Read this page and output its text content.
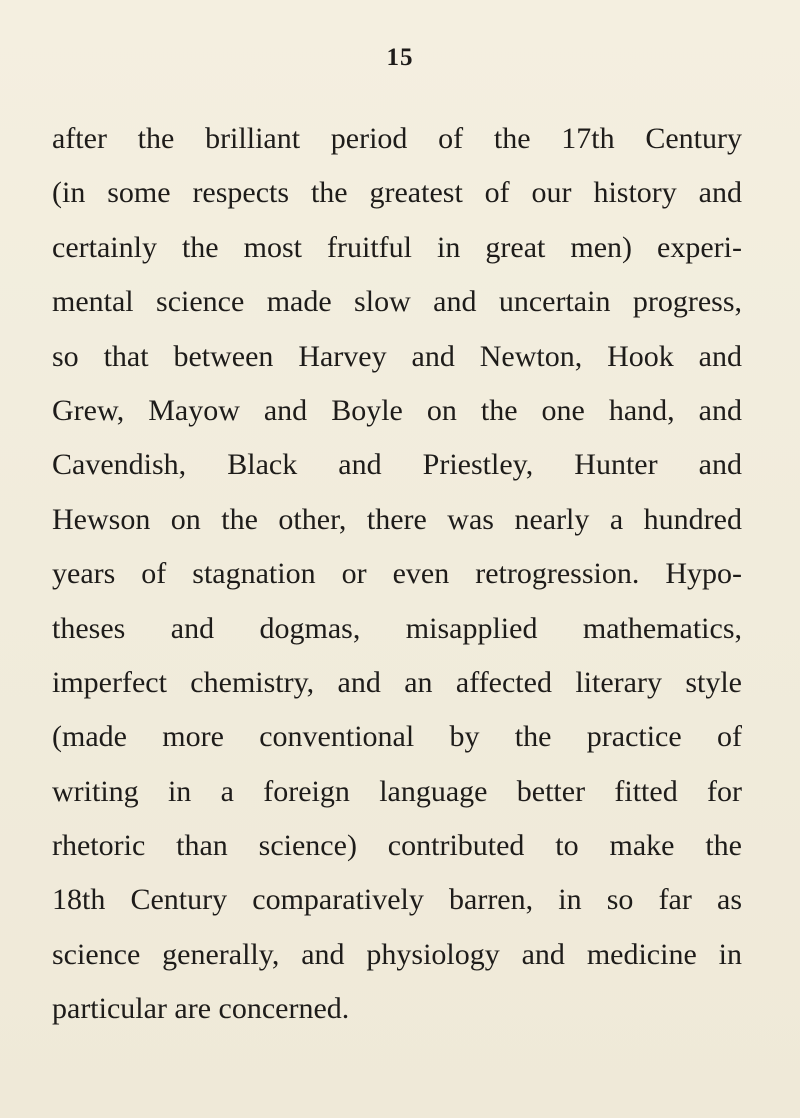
15
after the brilliant period of the 17th Century
(in some respects the greatest of our history and
certainly the most fruitful in great men) experi-
mental science made slow and uncertain progress,
so that between Harvey and Newton, Hook and
Grew, Mayow and Boyle on the one hand, and
Cavendish, Black and Priestley, Hunter and
Hewson on the other, there was nearly a hundred
years of stagnation or even retrogression. Hypo-
theses and dogmas, misapplied mathematics,
imperfect chemistry, and an affected literary style
(made more conventional by the practice of
writing in a foreign language better fitted for
rhetoric than science) contributed to make the
18th Century comparatively barren, in so far as
science generally, and physiology and medicine in
particular are concerned.
